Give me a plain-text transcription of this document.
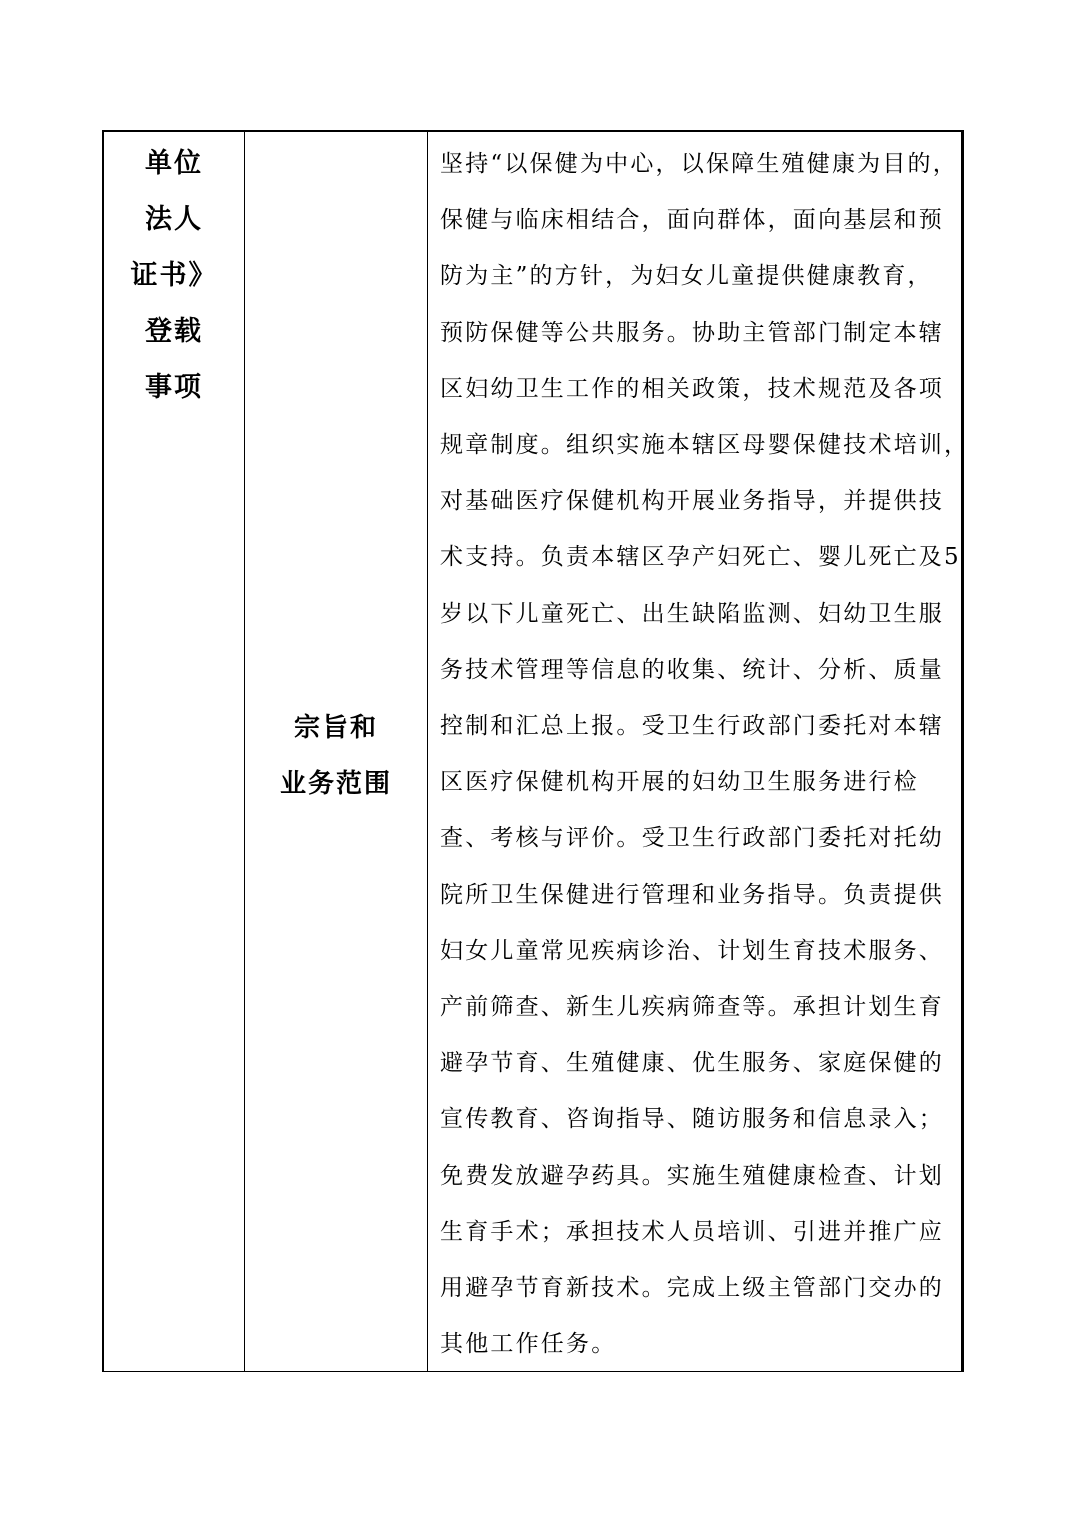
单位
法人
证书》
登载
事项
宗旨和
业务范围
坚持“以保健为中心，以保障生殖健康为目的，
保健与临床相结合，面向群体，面向基层和预
防为主”的方针，为妇女儿童提供健康教育，
预防保健等公共服务。协助主管部门制定本辖
区妇幼卫生工作的相关政策，技术规范及各项
规章制度。组织实施本辖区母婴保健技术培训，
对基础医疗保健机构开展业务指导，并提供技
术支持。负责本辖区孕产妇死亡、婴儿死亡及5
岁以下儿童死亡、出生缺陷监测、妇幼卫生服
务技术管理等信息的收集、统计、分析、质量
控制和汇总上报。受卫生行政部门委托对本辖
区医疗保健机构开展的妇幼卫生服务进行检
查、考核与评价。受卫生行政部门委托对托幼
院所卫生保健进行管理和业务指导。负责提供
妇女儿童常见疾病诊治、计划生育技术服务、
产前筛查、新生儿疾病筛查等。承担计划生育
避孕节育、生殖健康、优生服务、家庭保健的
宣传教育、咨询指导、随访服务和信息录入；
免费发放避孕药具。实施生殖健康检查、计划
生育手术；承担技术人员培训、引进并推广应
用避孕节育新技术。完成上级主管部门交办的
其他工作任务。
